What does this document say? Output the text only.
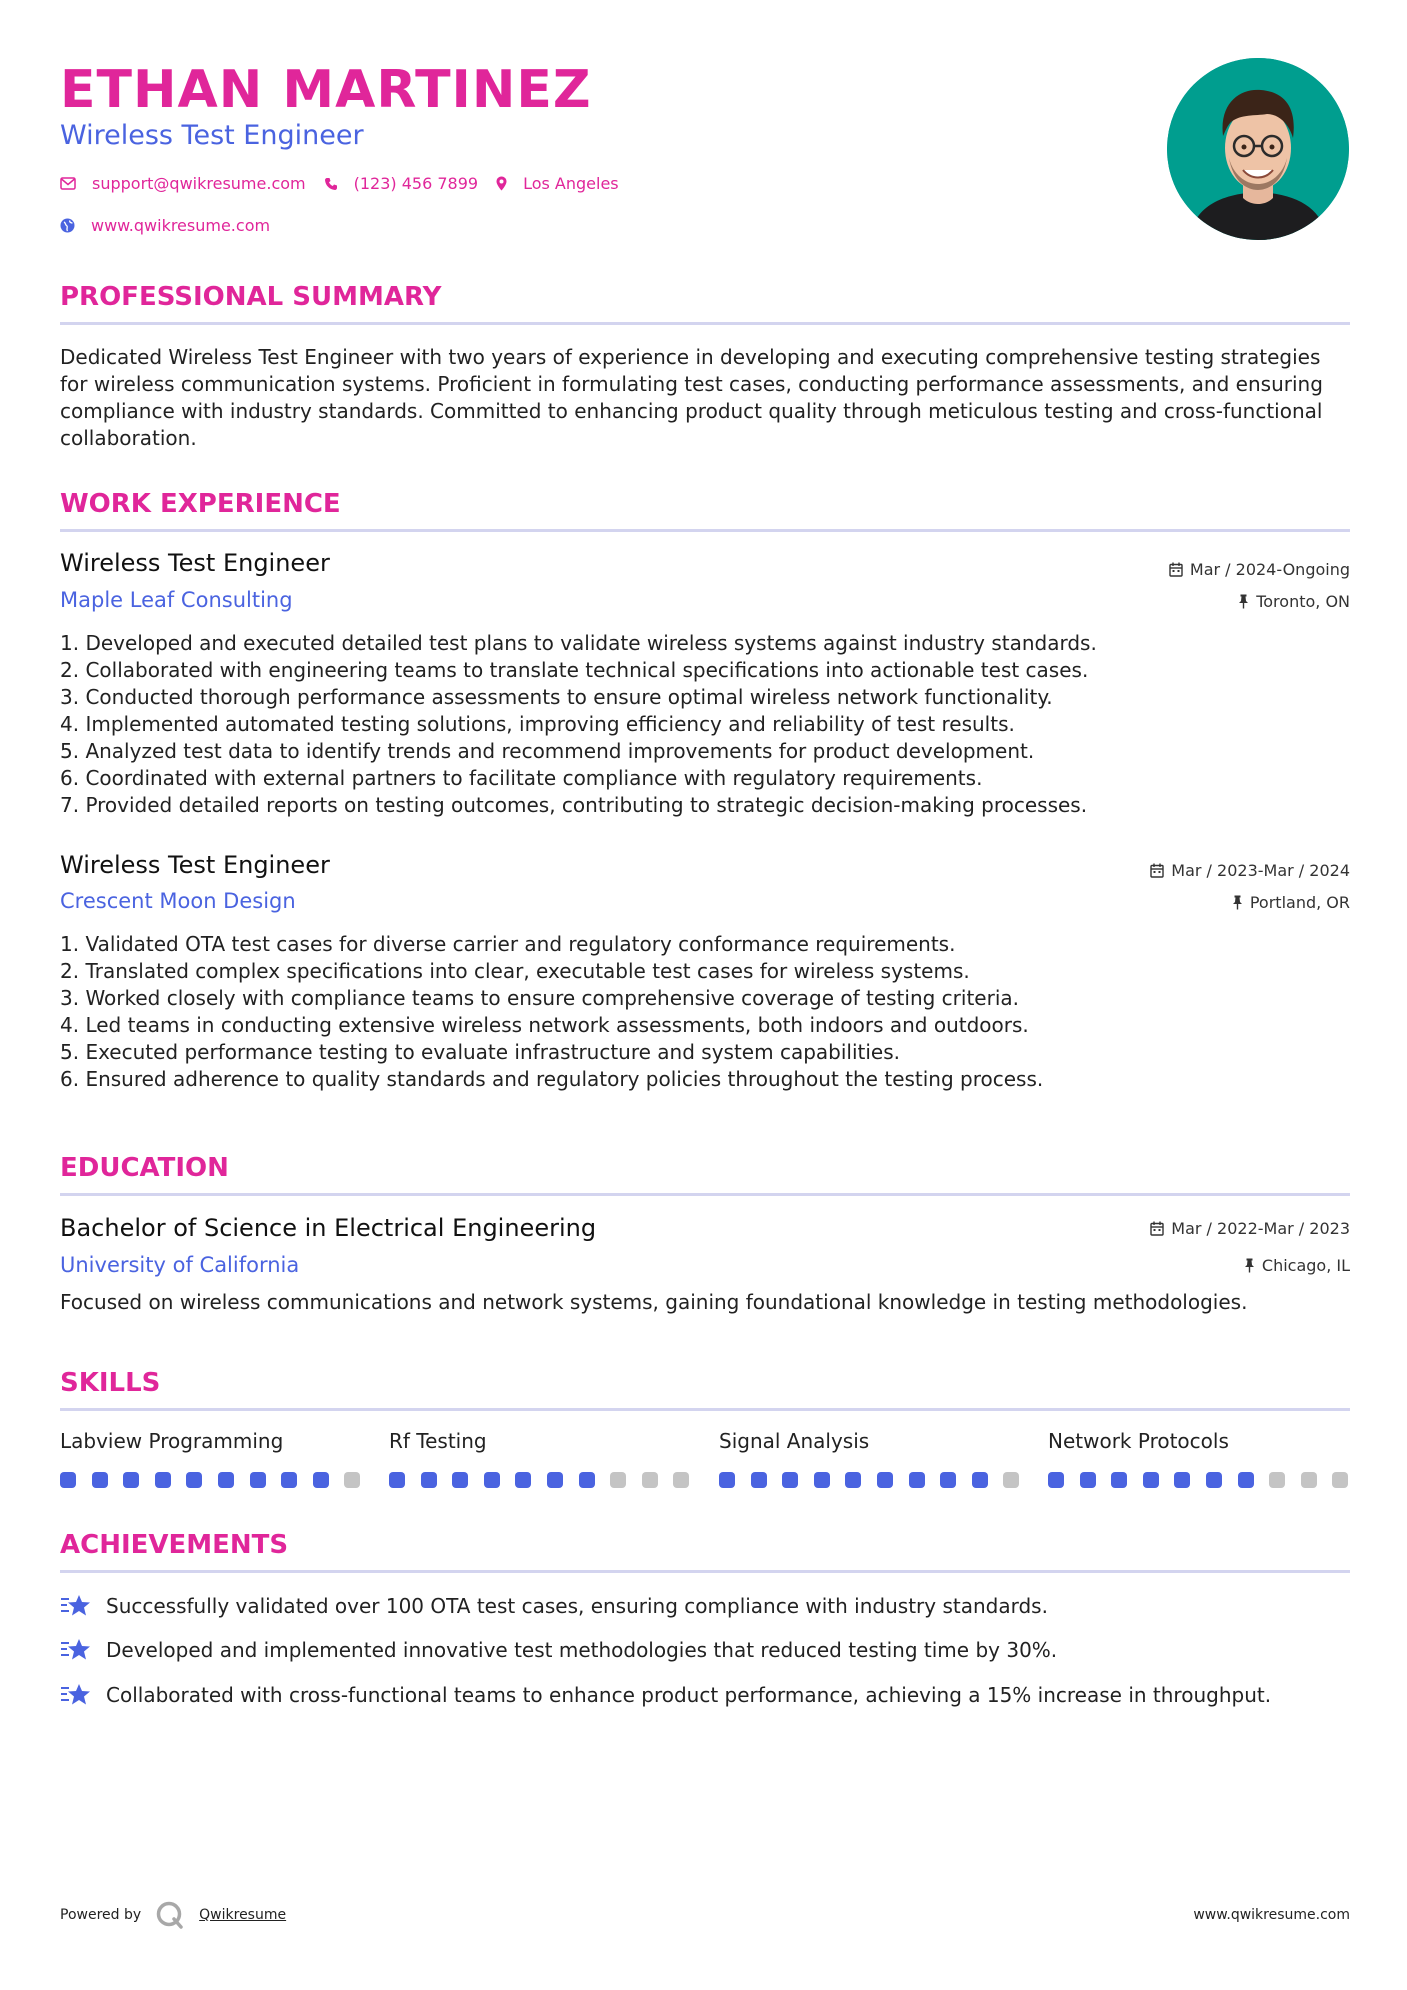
ETHAN MARTINEZ
Wireless Test Engineer
support@qwikresume.com	(123) 456 7899	Los Angeles
www.qwikresume.com
PROFESSIONAL SUMMARY
Dedicated Wireless Test Engineer with two years of experience in developing and executing comprehensive testing strategies for wireless communication systems. Proficient in formulating test cases, conducting performance assessments, and ensuring compliance with industry standards. Committed to enhancing product quality through meticulous testing and cross-functional collaboration.
WORK EXPERIENCE
Wireless Test Engineer
Maple Leaf Consulting
Mar / 2024-Ongoing
Toronto, ON
1. Developed and executed detailed test plans to validate wireless systems against industry standards.
2. Collaborated with engineering teams to translate technical specifications into actionable test cases.
3. Conducted thorough performance assessments to ensure optimal wireless network functionality.
4. Implemented automated testing solutions, improving efficiency and reliability of test results.
5. Analyzed test data to identify trends and recommend improvements for product development.
6. Coordinated with external partners to facilitate compliance with regulatory requirements.
7. Provided detailed reports on testing outcomes, contributing to strategic decision-making processes.
Wireless Test Engineer
Crescent Moon Design
Mar / 2023-Mar / 2024
Portland, OR
1. Validated OTA test cases for diverse carrier and regulatory conformance requirements.
2. Translated complex specifications into clear, executable test cases for wireless systems.
3. Worked closely with compliance teams to ensure comprehensive coverage of testing criteria.
4. Led teams in conducting extensive wireless network assessments, both indoors and outdoors.
5. Executed performance testing to evaluate infrastructure and system capabilities.
6. Ensured adherence to quality standards and regulatory policies throughout the testing process.
EDUCATION
Bachelor of Science in Electrical Engineering
University of California
Mar / 2022-Mar / 2023
Chicago, IL
Focused on wireless communications and network systems, gaining foundational knowledge in testing methodologies.
SKILLS
Labview Programming	Rf Testing	Signal Analysis	Network Protocols
ACHIEVEMENTS
Successfully validated over 100 OTA test cases, ensuring compliance with industry standards.
Developed and implemented innovative test methodologies that reduced testing time by 30%.
Collaborated with cross-functional teams to enhance product performance, achieving a 15% increase in throughput.
Powered by	Qwikresume	www.qwikresume.com
